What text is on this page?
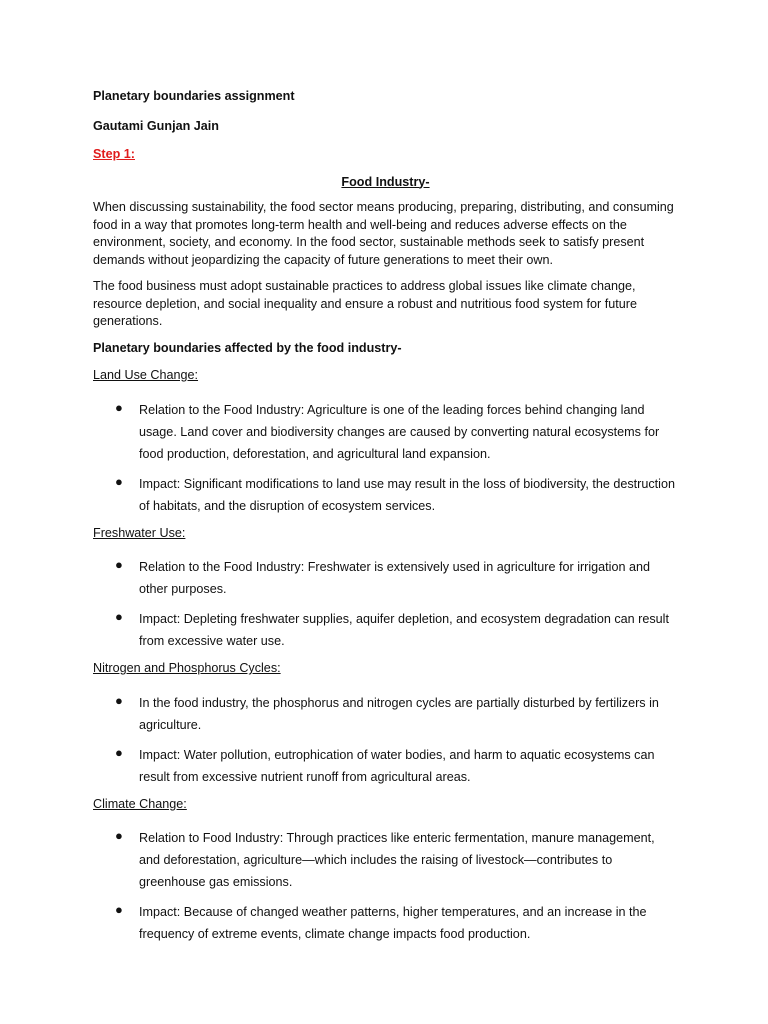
Planetary boundaries assignment

Gautami Gunjan Jain

Step 1:

Food Industry-

When discussing sustainability, the food sector means producing, preparing, distributing, and consuming food in a way that promotes long-term health and well-being and reduces adverse effects on the environment, society, and economy. In the food sector, sustainable methods seek to satisfy present demands without jeopardizing the capacity of future generations to meet their own.

The food business must adopt sustainable practices to address global issues like climate change, resource depletion, and social inequality and ensure a robust and nutritious food system for future generations.

Planetary boundaries affected by the food industry-

Land Use Change:

● Relation to the Food Industry: Agriculture is one of the leading forces behind changing land usage. Land cover and biodiversity changes are caused by converting natural ecosystems for food production, deforestation, and agricultural land expansion.
● Impact: Significant modifications to land use may result in the loss of biodiversity, the destruction of habitats, and the disruption of ecosystem services.

Freshwater Use:

● Relation to the Food Industry: Freshwater is extensively used in agriculture for irrigation and other purposes.
● Impact: Depleting freshwater supplies, aquifer depletion, and ecosystem degradation can result from excessive water use.

Nitrogen and Phosphorus Cycles:

● In the food industry, the phosphorus and nitrogen cycles are partially disturbed by fertilizers in agriculture.
● Impact: Water pollution, eutrophication of water bodies, and harm to aquatic ecosystems can result from excessive nutrient runoff from agricultural areas.

Climate Change:

● Relation to Food Industry: Through practices like enteric fermentation, manure management, and deforestation, agriculture—which includes the raising of livestock—contributes to greenhouse gas emissions.
● Impact: Because of changed weather patterns, higher temperatures, and an increase in the frequency of extreme events, climate change impacts food production.
